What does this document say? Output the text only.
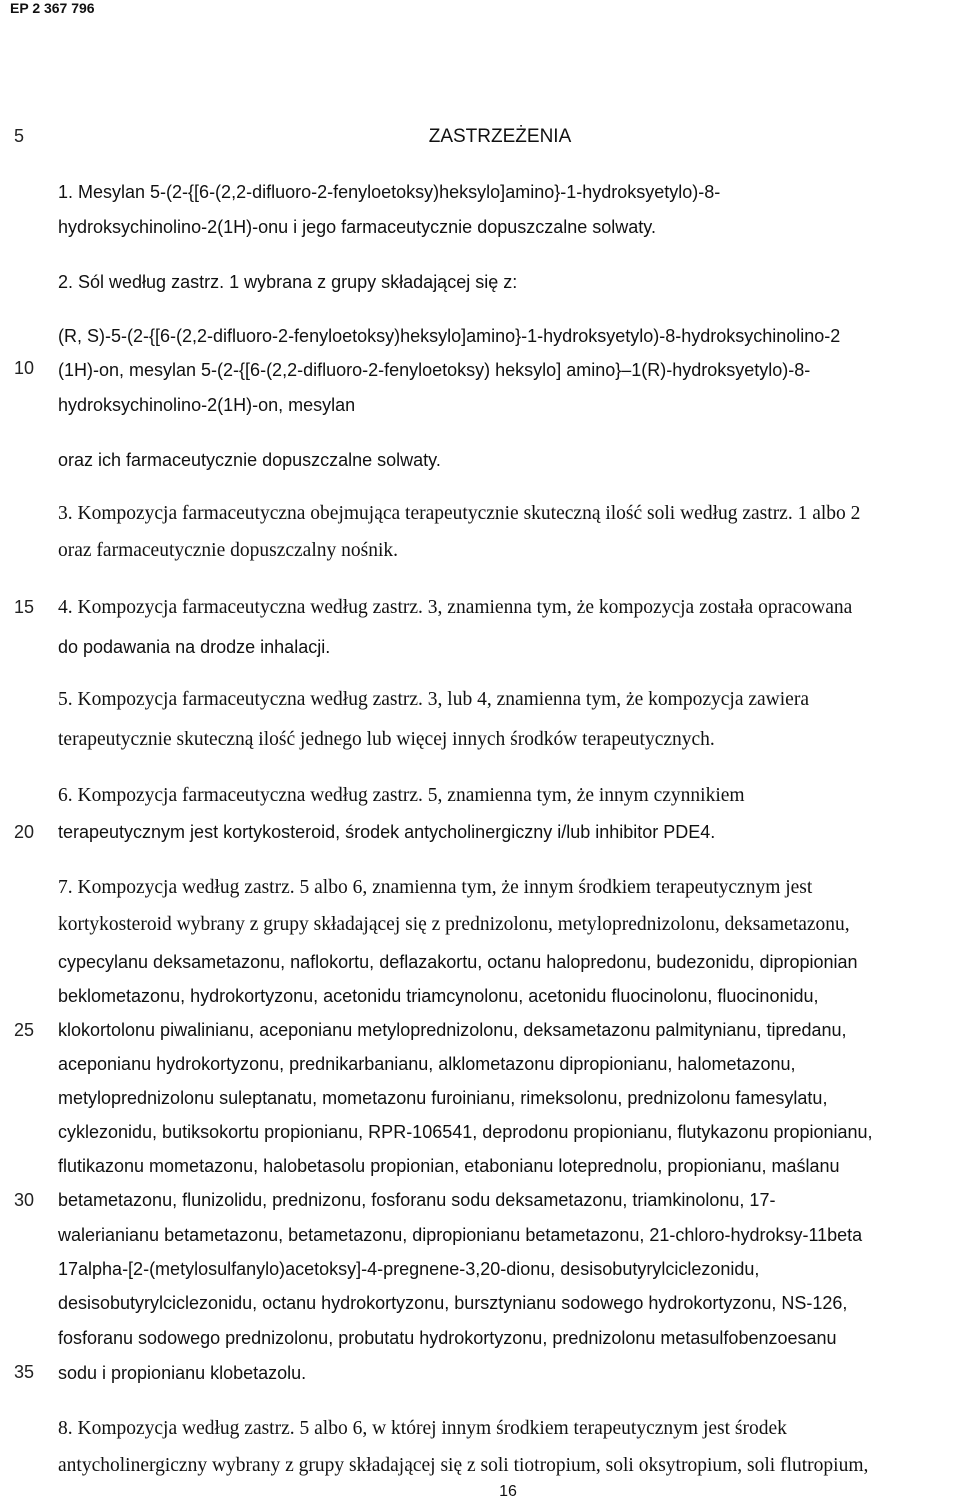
EP 2 367 796
5
10
15
20
25
30
35
ZASTRZEŻENIA
1. Mesylan 5-(2-{[6-(2,2-difluoro-2-fenyloetoksy)heksylo]amino}-1-hydroksyetylo)-8-
hydroksychinolino-2(1H)-onu i jego farmaceutycznie dopuszczalne solwaty.
2. Sól według zastrz. 1 wybrana z grupy składającej się z:
(R, S)-5-(2-{[6-(2,2-difluoro-2-fenyloetoksy)heksylo]amino}-1-hydroksyetylo)-8-hydroksychinolino-2
(1H)-on, mesylan 5-(2-{[6-(2,2-difluoro-2-fenyloetoksy) heksylo] amino}‒1(R)-hydroksyetylo)-8-
hydroksychinolino-2(1H)-on, mesylan
oraz ich farmaceutycznie dopuszczalne solwaty.
3. Kompozycja farmaceutyczna obejmująca terapeutycznie skuteczną ilość soli według zastrz. 1 albo 2
oraz farmaceutycznie dopuszczalny nośnik.
4. Kompozycja farmaceutyczna według zastrz. 3, znamienna tym, że kompozycja została opracowana
do podawania na drodze inhalacji.
5. Kompozycja farmaceutyczna według zastrz. 3, lub 4, znamienna tym, że kompozycja zawiera
terapeutycznie skuteczną ilość jednego lub więcej innych środków terapeutycznych.
6. Kompozycja farmaceutyczna według zastrz. 5, znamienna tym, że innym czynnikiem
terapeutycznym jest kortykosteroid, środek antycholinergiczny i/lub inhibitor PDE4.
7. Kompozycja według zastrz. 5 albo 6, znamienna tym, że innym środkiem terapeutycznym jest
kortykosteroid wybrany z grupy składającej się z prednizolonu, metyloprednizolonu, deksametazonu,
cypecylanu deksametazonu, naflokortu, deflazakortu, octanu halopredonu, budezonidu, dipropionian
beklometazonu, hydrokortyzonu, acetonidu triamcynolonu, acetonidu fluocinolonu, fluocinonidu,
klokortolonu piwalinianu, aceponianu metyloprednizolonu, deksametazonu palmitynianu, tipredanu,
aceponianu hydrokortyzonu, prednikarbanianu, alklometazonu dipropionianu, halometazonu,
metyloprednizolonu suleptanatu, mometazonu furoinianu, rimeksolonu, prednizolonu famesylatu,
cyklezonidu, butiksokortu propionianu, RPR-106541, deprodonu propionianu, flutykazonu propionianu,
flutikazonu mometazonu, halobetasolu propionian, etabonianu loteprednolu, propionianu, maślanu
betametazonu, flunizolidu, prednizonu, fosforanu sodu deksametazonu, triamkinolonu, 17-
walerianianu betametazonu, betametazonu, dipropionianu betametazonu, 21-chloro-hydroksy-11beta
17alpha-[2-(metylosulfanylo)acetoksy]-4-pregnene-3,20-dionu, desisobutyrylciclezonidu,
desisobutyrylciclezonidu, octanu hydrokortyzonu, bursztynianu sodowego hydrokortyzonu, NS-126,
fosforanu sodowego prednizolonu, probutatu hydrokortyzonu, prednizolonu metasulfobenzoesanu
sodu i propionianu klobetazolu.
8. Kompozycja według zastrz. 5 albo 6, w której innym środkiem terapeutycznym jest środek
antycholinergiczny wybrany z grupy składającej się z soli tiotropium, soli oksytropium, soli flutropium,
16
